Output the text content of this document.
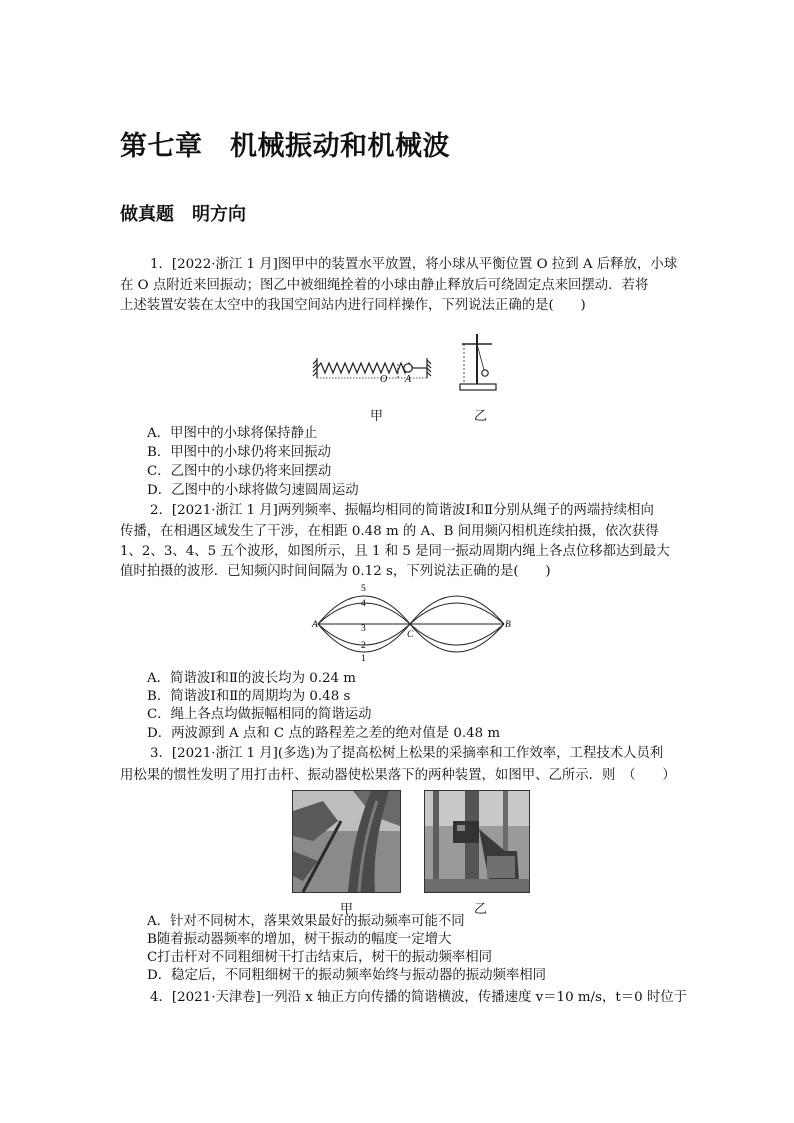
第七章　机械振动和机械波
做真题　明方向
1．[2022·浙江 1 月]图甲中的装置水平放置，将小球从平衡位置 O 拉到 A 后释放，小球
在 O 点附近来回振动；图乙中被细绳拴着的小球由静止释放后可绕固定点来回摆动．若将
上述装置安装在太空中的我国空间站内进行同样操作，下列说法正确的是(　　)
O A
甲	乙
A．甲图中的小球将保持静止
B．甲图中的小球仍将来回振动
C．乙图中的小球仍将来回摆动
D．乙图中的小球将做匀速圆周运动
2．[2021·浙江 1 月]两列频率、振幅均相同的简谐波Ⅰ和Ⅱ分别从绳子的两端持续相向
传播，在相遇区域发生了干涉，在相距 0.48 m 的 A、B 间用频闪相机连续拍摄，依次获得
1、2、3、4、5 五个波形，如图所示，且 1 和 5 是同一振动周期内绳上各点位移都达到最大
值时拍摄的波形．已知频闪时间间隔为 0.12 s，下列说法正确的是(　　)
A
C
B
5
4
3
2
1
A．简谐波Ⅰ和Ⅱ的波长均为 0.24 m
B．简谐波Ⅰ和Ⅱ的周期均为 0.48 s
C．绳上各点均做振幅相同的简谐运动
D．两波源到 A 点和 C 点的路程差之差的绝对值是 0.48 m
3．[2021·浙江 1 月](多选)为了提高松树上松果的采摘率和工作效率，工程技术人员利
用松果的惯性发明了用打击杆、振动器使松果落下的两种装置，如图甲、乙所示．则　（　　）
甲	乙
A．针对不同树木，落果效果最好的振动频率可能不同
B随着振动器频率的增加，树干振动的幅度一定增大
C打击杆对不同粗细树干打击结束后，树干的振动频率相同
D．稳定后，不同粗细树干的振动频率始终与振动器的振动频率相同
4．[2021·天津卷]一列沿 x 轴正方向传播的简谐横波，传播速度 v＝10 m/s，t＝0 时位于
